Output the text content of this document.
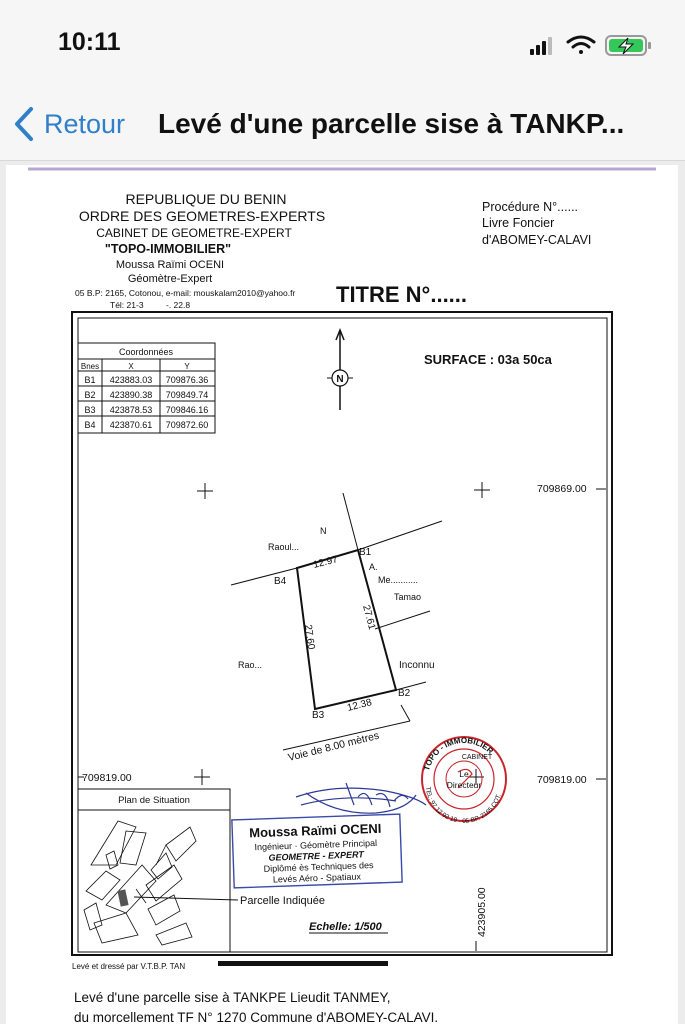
10:11
Retour Levé d'une parcelle sise à TANKP...
REPUBLIQUE DU BENIN
ORDRE DES GEOMETRES-EXPERTS
CABINET DE GEOMETRE-EXPERT
"TOPO-IMMOBILIER"
Moussa Raïmi OCENI
Géomètre-Expert
05 B.P: 2165, Cotonou, e-mail: mouskalam2010@yahoo.fr
Tél: 21-3	-. 22.8
Procédure N°......
Livre Foncier
d'ABOMEY-CALAVI
TITRE N°......
Coordonnées
Bnes	X	Y
B1 423883.03 709876.36
B2 423890.38 709849.74
B3 423878.53 709846.16
B4 423870.61 709872.60
N
SURFACE : 03a 50ca
709869.00
709819.00	709819.00
423905.00
B1
B2
B3
B4
12.97
27.61
27.60
12.38
Voie de 8.00 mètres
N
Raoul...
A.
Me...........
Tamao
Rao...	Inconnu
Plan de Situation
Parcelle Indiquée
Moussa Raïmi OCENI
Ingénieur · Géomètre Principal
GEOMETRE - EXPERT
Diplômé ès Techniques des
Levés Aéro - Spatiaux
TOPO - IMMOBILIER
TEL: 97 12 92 19 · 05 BP. 2165 COT.
CABINET
Le
Directeur
Echelle: 1/500
Levé et dressé par V.T.B.P. TAN
Levé d'une parcelle sise à TANKPE Lieudit TANMEY,
du morcellement TF N° 1270 Commune d'ABOMEY-CALAVI.
